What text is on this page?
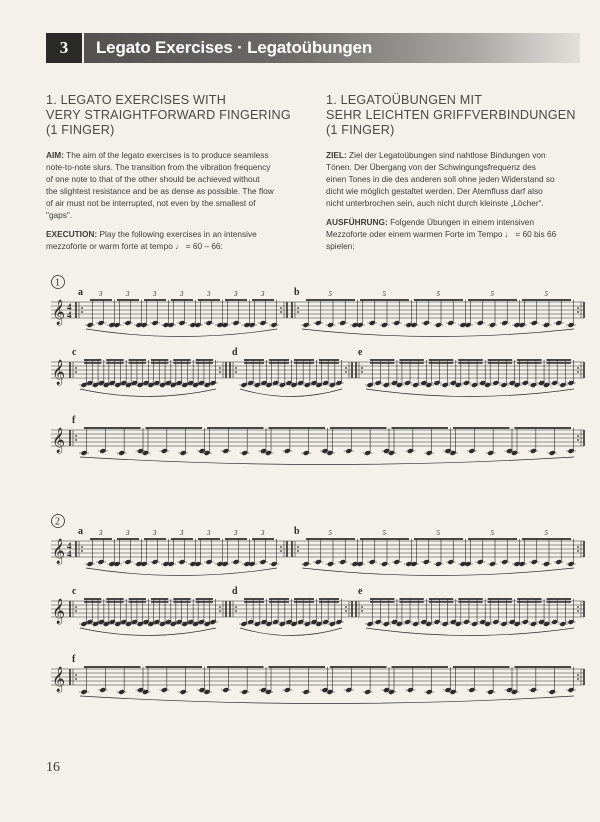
3	Legato Exercises · Legatoübungen
1. LEGATO EXERCISES WITH
VERY STRAIGHTFORWARD FINGERING
(1 FINGER)
AIM: The aim of the legato exercises is to produce seamless
note-to-note slurs. The transition from the vibration frequency
of one note to that of the other should be achieved without
the slightest resistance and be as dense as possible. The flow
of air must not be interrupted, not even by the smallest of
"gaps".
EXECUTION: Play the following exercises in an intensive
mezzoforte or warm forte at tempo ♩ = 60 – 66:
1. LEGATOÜBUNGEN MIT
SEHR LEICHTEN GRIFFVERBINDUNGEN
(1 FINGER)
ZIEL: Ziel der Legatoübungen sind nahtlose Bindungen von
Tönen. Der Übergang von der Schwingungsfrequenz des
einen Tones in die des anderen soll ohne jeden Widerstand so
dicht wie möglich gestaltet werden. Der Atemfluss darf also
nicht unterbrochen sein, auch nicht durch kleinste „Löcher“.
AUSFÜHRUNG: Folgende Übungen in einem intensiven
Mezzoforte oder einem warmen Forte im Tempo ♩ = 60 bis 66
spielen:
1
𝄞 4
4
a 3	3	3	3	3	3	3	b	5	5	5	5	5
𝄞
c	d	e
𝄞
f
2
𝄞 4
4
a 3	3	3	3	3	3	3	b	5	5	5	5	5
𝄞
c	d	e
𝄞
f
16
